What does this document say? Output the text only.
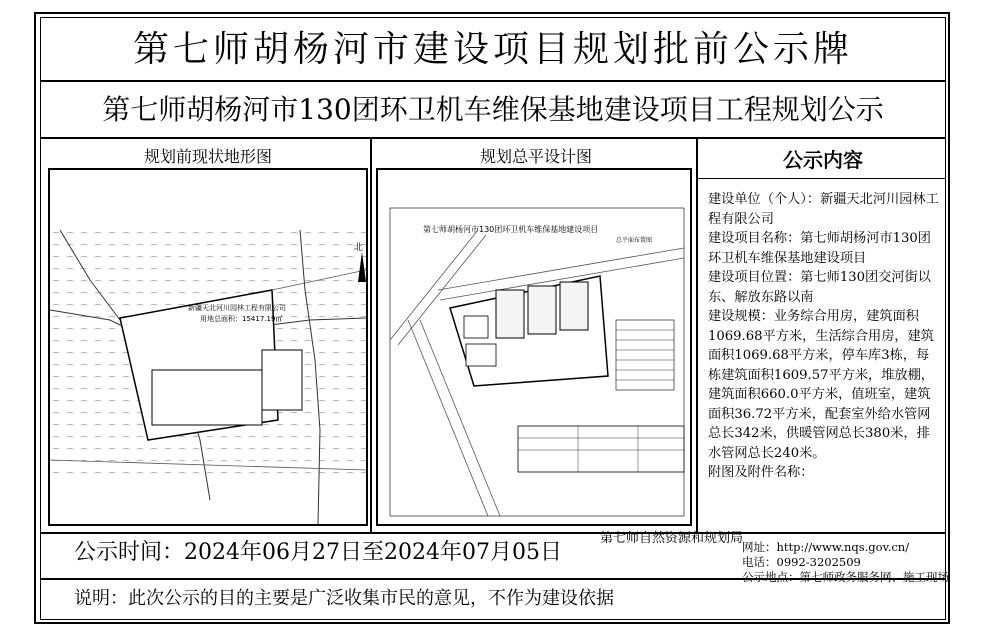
第七师胡杨河市建设项目规划批前公示牌
第七师胡杨河市130团环卫机车维保基地建设项目工程规划公示
规划前现状地形图	规划总平设计图
新疆天北河川园林工程有限公司
用地总面积：15417.19㎡
北
第七师胡杨河市130团环卫机车维保基地建设项目
总平面布置图
公示内容

建设单位（个人）：新疆天北河川园林工程有限公司

建设项目名称：第七师胡杨河市130团环卫机车维保基地建设项目

建设项目位置：第七师130团交河街以东、解放东路以南

建设规模：业务综合用房，建筑面积1069.68平方米，生活综合用房，建筑面积1069.68平方米，停车库3栋，每栋建筑面积1609.57平方米，堆放棚，建筑面积660.0平方米，值班室，建筑面积36.72平方米，配套室外给水管网总长342米，供暖管网总长380米，排水管网总长240米。

附图及附件名称：

公示时间：2024年06月27日至2024年07月05日
第七师自然资源和规划局
网址：http://www.nqs.gov.cn/
电话：0992-3202509
公示地点：第七师政务服务网、施工现场
说明：此次公示的目的主要是广泛收集市民的意见，不作为建设依据
